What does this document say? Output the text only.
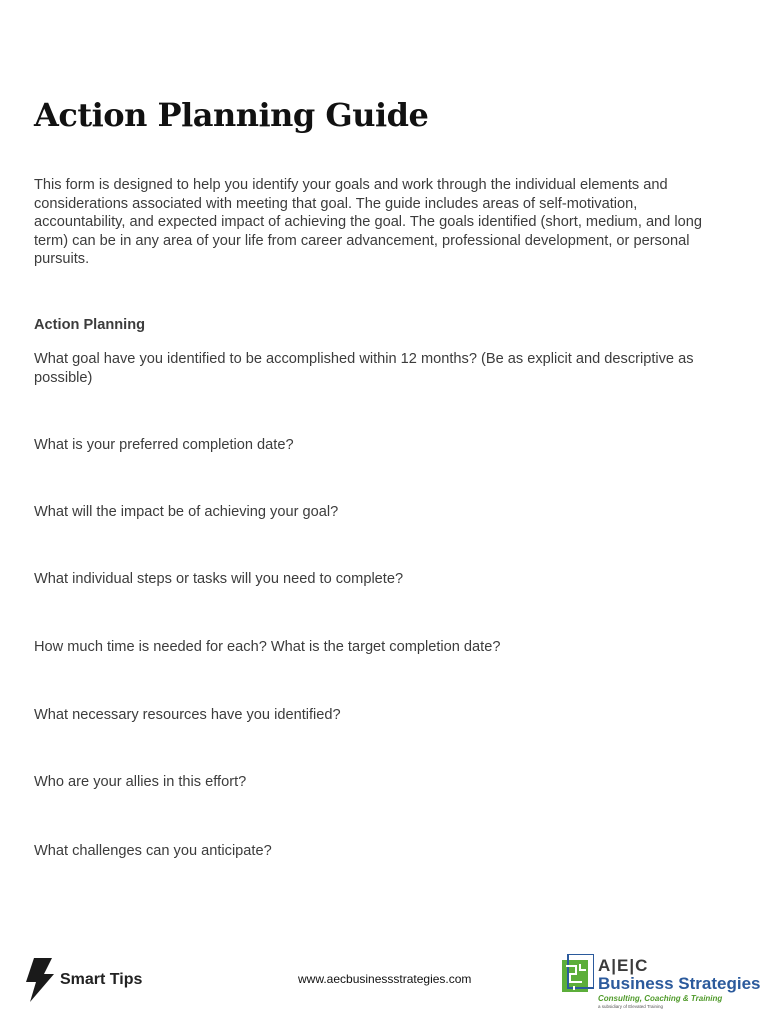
Action Planning Guide

This form is designed to help you identify your goals and work through the individual elements and considerations associated with meeting that goal. The guide includes areas of self-motivation, accountability, and expected impact of achieving the goal. The goals identified (short, medium, and long term) can be in any area of your life from career advancement, professional development, or personal pursuits.

Action Planning

What goal have you identified to be accomplished within 12 months? (Be as explicit and descriptive as possible)

What is your preferred completion date?

What will the impact be of achieving your goal?

What individual steps or tasks will you need to complete?

How much time is needed for each? What is the target completion date?

What necessary resources have you identified?

Who are your allies in this effort?

What challenges can you anticipate?

Smart Tips	www.aecbusinessstrategies.com
A|E|C
Business Strategies
Consulting, Coaching & Training
a subsidiary of Elevated Training
